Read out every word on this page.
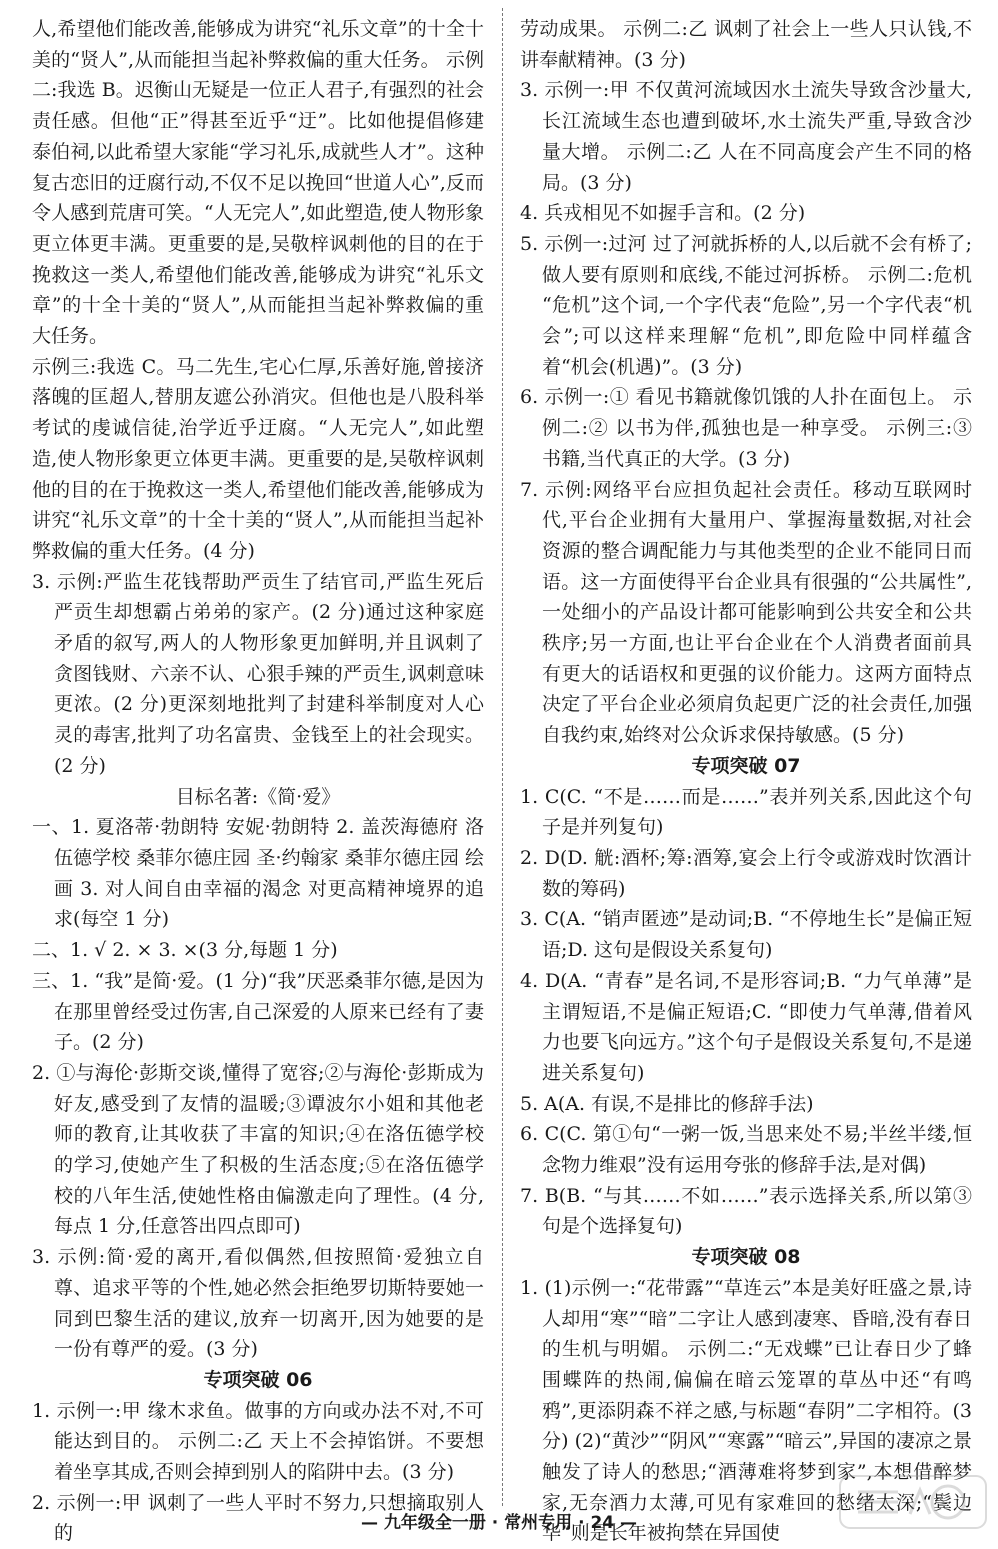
人,希望他们能改善,能够成为讲究“礼乐文章”的十全十美的“贤人”,从而能担当起补弊救偏的重大任务。 示例二:我选 B。迟衡山无疑是一位正人君子,有强烈的社会责任感。但他“正”得甚至近乎“迂”。比如他提倡修建泰伯祠,以此希望大家能“学习礼乐,成就些人才”。这种复古恋旧的迂腐行动,不仅不足以挽回“世道人心”,反而令人感到荒唐可笑。“人无完人”,如此塑造,使人物形象更立体更丰满。更重要的是,吴敬梓讽刺他的目的在于挽救这一类人,希望他们能改善,能够成为讲究“礼乐文章”的十全十美的“贤人”,从而能担当起补弊救偏的重大任务。

示例三:我选 C。马二先生,宅心仁厚,乐善好施,曾接济落魄的匡超人,替朋友遮公孙消灾。但他也是八股科举考试的虔诚信徒,治学近乎迂腐。“人无完人”,如此塑造,使人物形象更立体更丰满。更重要的是,吴敬梓讽刺他的目的在于挽救这一类人,希望他们能改善,能够成为讲究“礼乐文章”的十全十美的“贤人”,从而能担当起补弊救偏的重大任务。(4 分)

3. 示例:严监生花钱帮助严贡生了结官司,严监生死后严贡生却想霸占弟弟的家产。(2 分)通过这种家庭矛盾的叙写,两人的人物形象更加鲜明,并且讽刺了贪图钱财、六亲不认、心狠手辣的严贡生,讽刺意味更浓。(2 分)更深刻地批判了封建科举制度对人心灵的毒害,批判了功名富贵、金钱至上的社会现实。(2 分)

目标名著:《简·爱》

一、1. 夏洛蒂·勃朗特 安妮·勃朗特 2. 盖茨海德府 洛伍德学校 桑菲尔德庄园 圣·约翰家 桑菲尔德庄园 绘画 3. 对人间自由幸福的渴念 对更高精神境界的追求(每空 1 分)

二、1. √ 2. × 3. ×(3 分,每题 1 分)

三、1. “我”是简·爱。(1 分)“我”厌恶桑菲尔德,是因为在那里曾经受过伤害,自己深爱的人原来已经有了妻子。(2 分)

2. ①与海伦·彭斯交谈,懂得了宽容;②与海伦·彭斯成为好友,感受到了友情的温暖;③谭波尔小姐和其他老师的教育,让其收获了丰富的知识;④在洛伍德学校的学习,使她产生了积极的生活态度;⑤在洛伍德学校的八年生活,使她性格由偏激走向了理性。(4 分,每点 1 分,任意答出四点即可)

3. 示例:简·爱的离开,看似偶然,但按照简·爱独立自尊、追求平等的个性,她必然会拒绝罗切斯特要她一同到巴黎生活的建议,放弃一切离开,因为她要的是一份有尊严的爱。(3 分)

专项突破 06

1. 示例一:甲 缘木求鱼。做事的方向或办法不对,不可能达到目的。 示例二:乙 天上不会掉馅饼。不要想着坐享其成,否则会掉到别人的陷阱中去。(3 分)

2. 示例一:甲 讽刺了一些人平时不努力,只想摘取别人的

劳动成果。 示例二:乙 讽刺了社会上一些人只认钱,不讲奉献精神。(3 分)

3. 示例一:甲 不仅黄河流域因水土流失导致含沙量大,长江流域生态也遭到破坏,水土流失严重,导致含沙量大增。 示例二:乙 人在不同高度会产生不同的格局。(3 分)

4. 兵戎相见不如握手言和。(2 分)

5. 示例一:过河 过了河就拆桥的人,以后就不会有桥了;做人要有原则和底线,不能过河拆桥。 示例二:危机 “危机”这个词,一个字代表“危险”,另一个字代表“机会”;可以这样来理解“危机”,即危险中同样蕴含着“机会(机遇)”。(3 分)

6. 示例一:① 看见书籍就像饥饿的人扑在面包上。 示例二:② 以书为伴,孤独也是一种享受。 示例三:③ 书籍,当代真正的大学。(3 分)

7. 示例:网络平台应担负起社会责任。移动互联网时代,平台企业拥有大量用户、掌握海量数据,对社会资源的整合调配能力与其他类型的企业不能同日而语。这一方面使得平台企业具有很强的“公共属性”,一处细小的产品设计都可能影响到公共安全和公共秩序;另一方面,也让平台企业在个人消费者面前具有更大的话语权和更强的议价能力。这两方面特点决定了平台企业必须肩负起更广泛的社会责任,加强自我约束,始终对公众诉求保持敏感。(5 分)

专项突破 07

1. C(C. “不是……而是……”表并列关系,因此这个句子是并列复句)

2. D(D. 觥:酒杯;筹:酒筹,宴会上行令或游戏时饮酒计数的筹码)

3. C(A. “销声匿迹”是动词;B. “不停地生长”是偏正短语;D. 这句是假设关系复句)

4. D(A. “青春”是名词,不是形容词;B. “力气单薄”是主谓短语,不是偏正短语;C. “即使力气单薄,借着风力也要飞向远方。”这个句子是假设关系复句,不是递进关系复句)

5. A(A. 有误,不是排比的修辞手法)

6. C(C. 第①句“一粥一饭,当思来处不易;半丝半缕,恒念物力维艰”没有运用夸张的修辞手法,是对偶)

7. B(B. “与其……不如……”表示选择关系,所以第③句是个选择复句)

专项突破 08

1. (1)示例一:“花带露”“草连云”本是美好旺盛之景,诗人却用“寒”“暗”二字让人感到凄寒、昏暗,没有春日的生机与明媚。 示例二:“无戏蝶”已让春日少了蜂围蝶阵的热闹,偏偏在暗云笼罩的草丛中还“有鸣鸦”,更添阴森不祥之感,与标题“春阴”二字相符。(3 分) (2)“黄沙”“阴风”“寒露”“暗云”,异国的凄凉之景触发了诗人的愁思;“酒薄难将梦到家”,本想借醉梦家,无奈酒力太薄,可见有家难回的愁绪太深;“鬓边华”则是长年被拘禁在异国使

— 九年级全一册 · 常州专用 · 24 —
